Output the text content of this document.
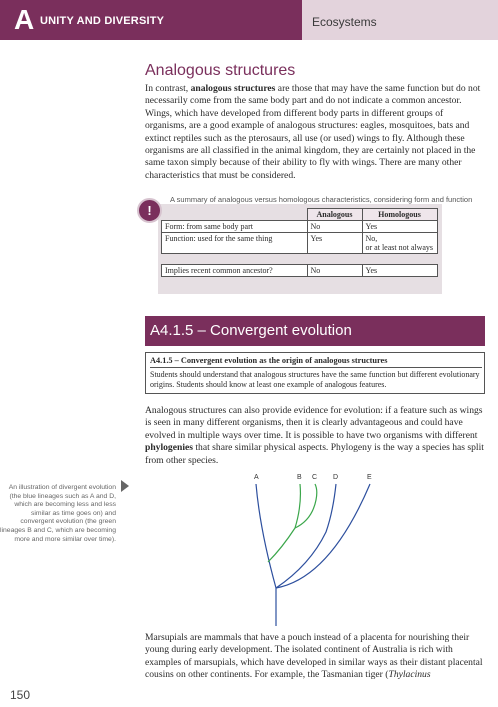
A UNITY AND DIVERSITY	Ecosystems
Analogous structures

In contrast, analogous structures are those that may have the same function but do not necessarily come from the same body part and do not indicate a common ancestor. Wings, which have developed from different body parts in different groups of organisms, are a good example of analogous structures: eagles, mosquitoes, bats and extinct reptiles such as the pterosaurs, all use (or used) wings to fly. Although these organisms are all classified in the animal kingdom, they are certainly not placed in the same taxon simply because of their ability to fly with wings. There are many other characteristics that must be considered.

A summary of analogous versus homologous characteristics, considering form and function
!
		Analogous	Homologous
Form: from same body part	No	Yes
Function: used for the same thing	Yes	No,
or at least not always

Implies recent common ancestor?	No	Yes
A4.1.5 – Convergent evolution
A4.1.5 – Convergent evolution as the origin of analogous structures

Students should understand that analogous structures have the same function but different evolutionary origins. Students should know at least one example of analogous features.

Analogous structures can also provide evidence for evolution: if a feature such as wings is seen in many different organisms, then it is clearly advantageous and could have evolved in multiple ways over time. It is possible to have two organisms with different phylogenies that share similar physical aspects. Phylogeny is the way a species has split from other species.

An illustration of divergent evolution (the blue lineages such as A and D, which are becoming less and less similar as time goes on) and convergent evolution (the green lineages B and C, which are becoming more and more similar over time).

A	B C D	E

Marsupials are mammals that have a pouch instead of a placenta for nourishing their young during early development. The isolated continent of Australia is rich with examples of marsupials, which have developed in similar ways as their distant placental cousins on other continents. For example, the Tasmanian tiger (Thylacinus

150
